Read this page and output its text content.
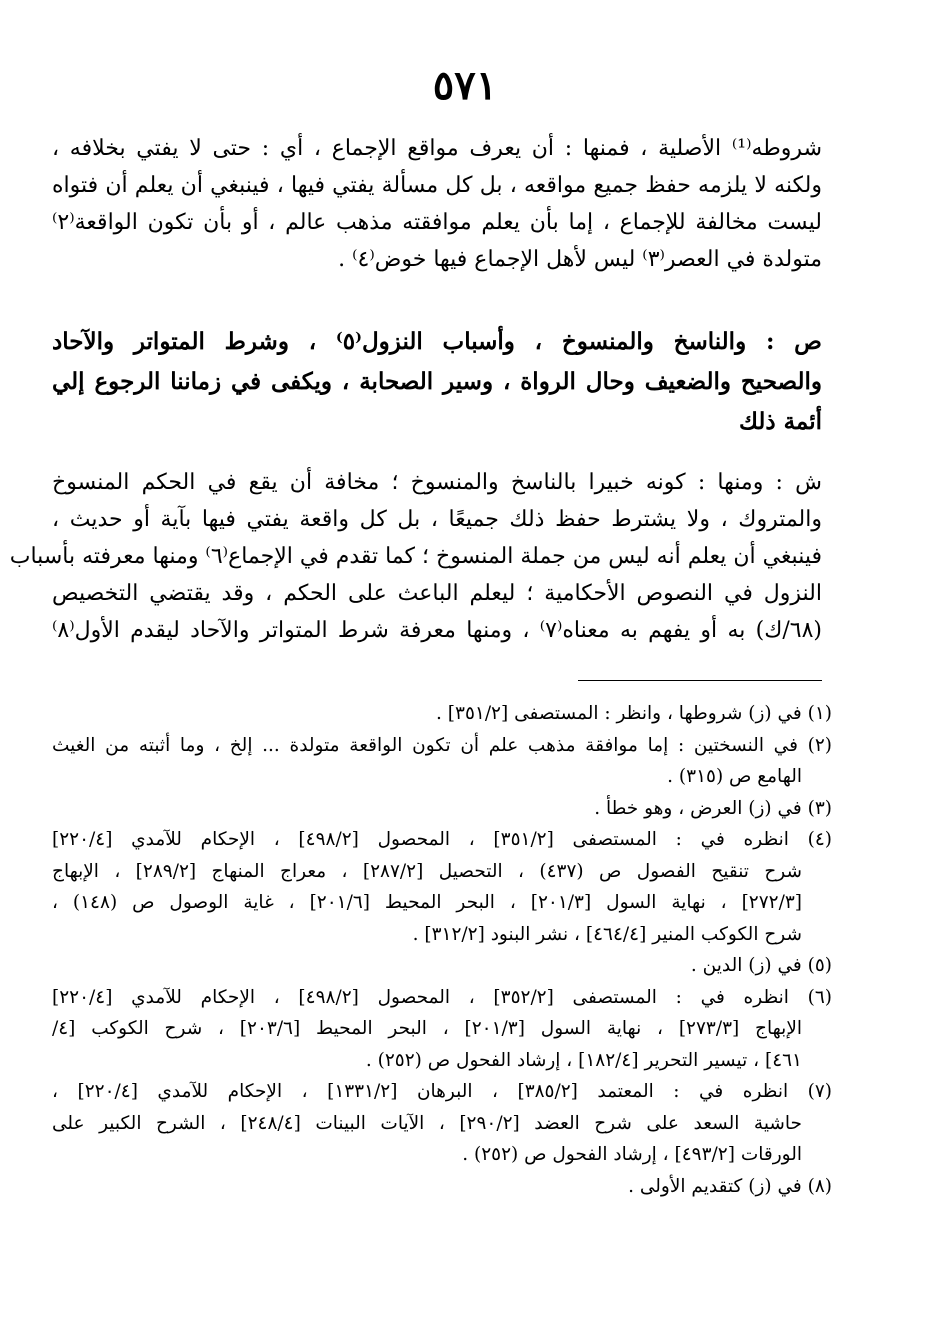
٥٧١
شروطه⁽¹⁾ الأصلية ، فمنها : أن يعرف مواقع الإجماع ، أي : حتى لا يفتي بخلافه ،
ولكنه لا يلزمه حفظ جميع مواقعه ، بل كل مسألة يفتي فيها ، فينبغي أن يعلم أن فتواه
ليست مخالفة للإجماع ، إما بأن يعلم موافقته مذهب عالم ، أو بأن تكون الواقعة⁽٢⁾
متولدة في العصر⁽٣⁾ ليس لأهل الإجماع فيها خوض⁽٤⁾ .
ص : والناسخ والمنسوخ ، وأسباب النزول⁽٥⁾ ، وشرط المتواتر والآحاد
والصحيح والضعيف وحال الرواة ، وسير الصحابة ، ويكفى في زماننا الرجوع إلي
أئمة ذلك
ش : ومنها : كونه خبيرا بالناسخ والمنسوخ ؛ مخافة أن يقع في الحكم المنسوخ
والمتروك ، ولا يشترط حفظ ذلك جميعًا ، بل كل واقعة يفتي فيها بآية أو حديث ،
فينبغي أن يعلم أنه ليس من جملة المنسوخ ؛ كما تقدم في الإجماع⁽٦⁾ ومنها معرفته بأسباب
النزول في النصوص الأحكامية ؛ ليعلم الباعث على الحكم ، وقد يقتضي التخصيص
(٦٨/ك) به أو يفهم به معناه⁽٧⁾ ، ومنها معرفة شرط المتواتر والآحاد ليقدم الأول⁽٨⁾
(١) في (ز) شروطها ، وانظر : المستصفى [٣٥١/٢] .
(٢) في النسختين : إما موافقة مذهب علم أن تكون الواقعة متولدة ... إلخ ، وما أثبته من الغيث
الهامع ص (٣١٥) .
(٣) في (ز) العرض ، وهو خطأ .
(٤) انظره في : المستصفى [٣٥١/٢] ، المحصول [٤٩٨/٢] ، الإحكام للآمدي [٢٢٠/٤]
شرح تنقيح الفصول ص (٤٣٧) ، التحصيل [٢٨٧/٢] ، معراج المنهاج [٢٨٩/٢] ، الإبهاج
[٢٧٢/٣] ، نهاية السول [٢٠١/٣] ، البحر المحيط [٢٠١/٦] ، غاية الوصول ص (١٤٨) ،
شرح الكوكب المنير [٤٦٤/٤] ، نشر البنود [٣١٢/٢] .
(٥) في (ز) الدين .
(٦) انظره في : المستصفى [٣٥٢/٢] ، المحصول [٤٩٨/٢] ، الإحكام للآمدي [٢٢٠/٤]
الإبهاج [٢٧٣/٣] ، نهاية السول [٢٠١/٣] ، البحر المحيط [٢٠٣/٦] ، شرح الكوكب [٤/
٤٦١] ، تيسير التحرير [١٨٢/٤] ، إرشاد الفحول ص (٢٥٢) .
(٧) انظره في : المعتمد [٣٨٥/٢] ، البرهان [١٣٣١/٢] ، الإحكام للآمدي [٢٢٠/٤] ،
حاشية السعد على شرح العضد [٢٩٠/٢] ، الآيات البينات [٢٤٨/٤] ، الشرح الكبير على
الورقات [٤٩٣/٢] ، إرشاد الفحول ص (٢٥٢) .
(٨) في (ز) كتقديم الأولى .
